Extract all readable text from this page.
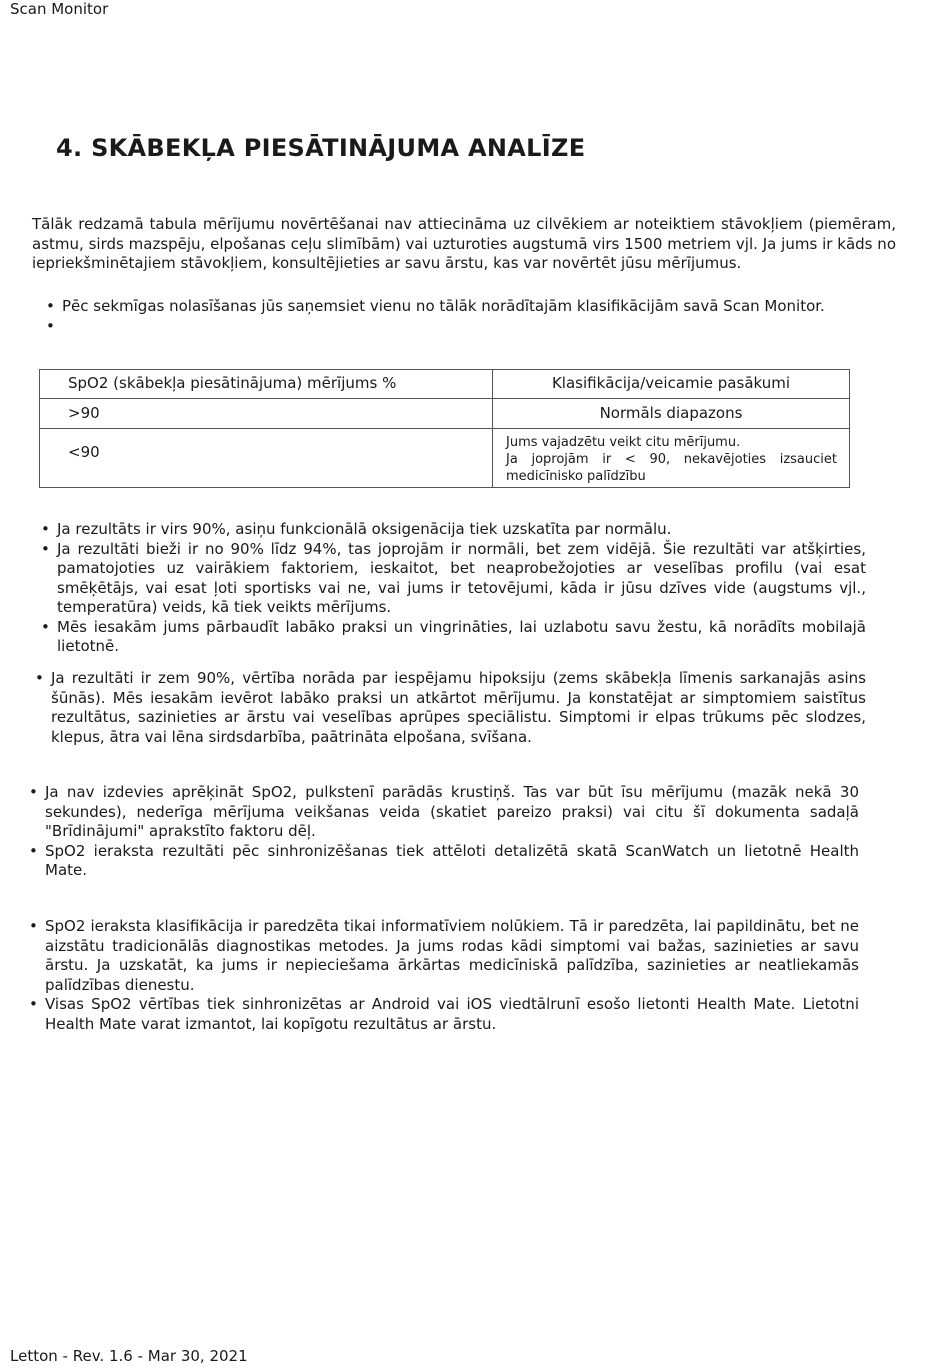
Scan Monitor
4. SKĀBEKĻA PIESĀTINĀJUMA ANALĪZE
Tālāk redzamā tabula mērījumu novērtēšanai nav attiecināma uz cilvēkiem ar noteiktiem stāvokļiem (piemēram, astmu, sirds mazspēju, elpošanas ceļu slimībām) vai uzturoties augstumā virs 1500 metriem vjl. Ja jums ir kāds no iepriekšminētajiem stāvokļiem, konsultējieties ar savu ārstu, kas var novērtēt jūsu mērījumus.
• Pēc sekmīgas nolasīšanas jūs saņemsiet vienu no tālāk norādītajām klasifikācijām savā Scan Monitor.
•
SpO2 (skābekļa piesātinājuma) mērījums %	Klasifikācija/veicamie pasākumi
>90	Normāls diapazons
<90	Jums vajadzētu veikt citu mērījumu.
Ja joprojām ir < 90, nekavējoties izsauciet medicīnisko palīdzību
• Ja rezultāts ir virs 90%, asiņu funkcionālā oksigenācija tiek uzskatīta par normālu.
• Ja rezultāti bieži ir no 90% līdz 94%, tas joprojām ir normāli, bet zem vidējā. Šie rezultāti var atšķirties, pamatojoties uz vairākiem faktoriem, ieskaitot, bet neaprobežojoties ar veselības profilu (vai esat smēķētājs, vai esat ļoti sportisks vai ne, vai jums ir tetovējumi, kāda ir jūsu dzīves vide (augstums vjl., temperatūra) veids, kā tiek veikts mērījums.
• Mēs iesakām jums pārbaudīt labāko praksi un vingrināties, lai uzlabotu savu žestu, kā norādīts mobilajā lietotnē.
• Ja rezultāti ir zem 90%, vērtība norāda par iespējamu hipoksiju (zems skābekļa līmenis sarkanajās asins šūnās). Mēs iesakām ievērot labāko praksi un atkārtot mērījumu. Ja konstatējat ar simptomiem saistītus rezultātus, sazinieties ar ārstu vai veselības aprūpes speciālistu. Simptomi ir elpas trūkums pēc slodzes, klepus, ātra vai lēna sirdsdarbība, paātrināta elpošana, svīšana.
• Ja nav izdevies aprēķināt SpO2, pulkstenī parādās krustiņš. Tas var būt īsu mērījumu (mazāk nekā 30 sekundes), nederīga mērījuma veikšanas veida (skatiet pareizo praksi) vai citu šī dokumenta sadaļā "Brīdinājumi" aprakstīto faktoru dēļ.
• SpO2 ieraksta rezultāti pēc sinhronizēšanas tiek attēloti detalizētā skatā ScanWatch un lietotnē Health Mate.
• SpO2 ieraksta klasifikācija ir paredzēta tikai informatīviem nolūkiem. Tā ir paredzēta, lai papildinātu, bet ne aizstātu tradicionālās diagnostikas metodes. Ja jums rodas kādi simptomi vai bažas, sazinieties ar savu ārstu. Ja uzskatāt, ka jums ir nepieciešama ārkārtas medicīniskā palīdzība, sazinieties ar neatliekamās palīdzības dienestu.
• Visas SpO2 vērtības tiek sinhronizētas ar Android vai iOS viedtālrunī esošo lietonti Health Mate. Lietotni Health Mate varat izmantot, lai kopīgotu rezultātus ar ārstu.
Letton - Rev. 1.6 - Mar 30, 2021
